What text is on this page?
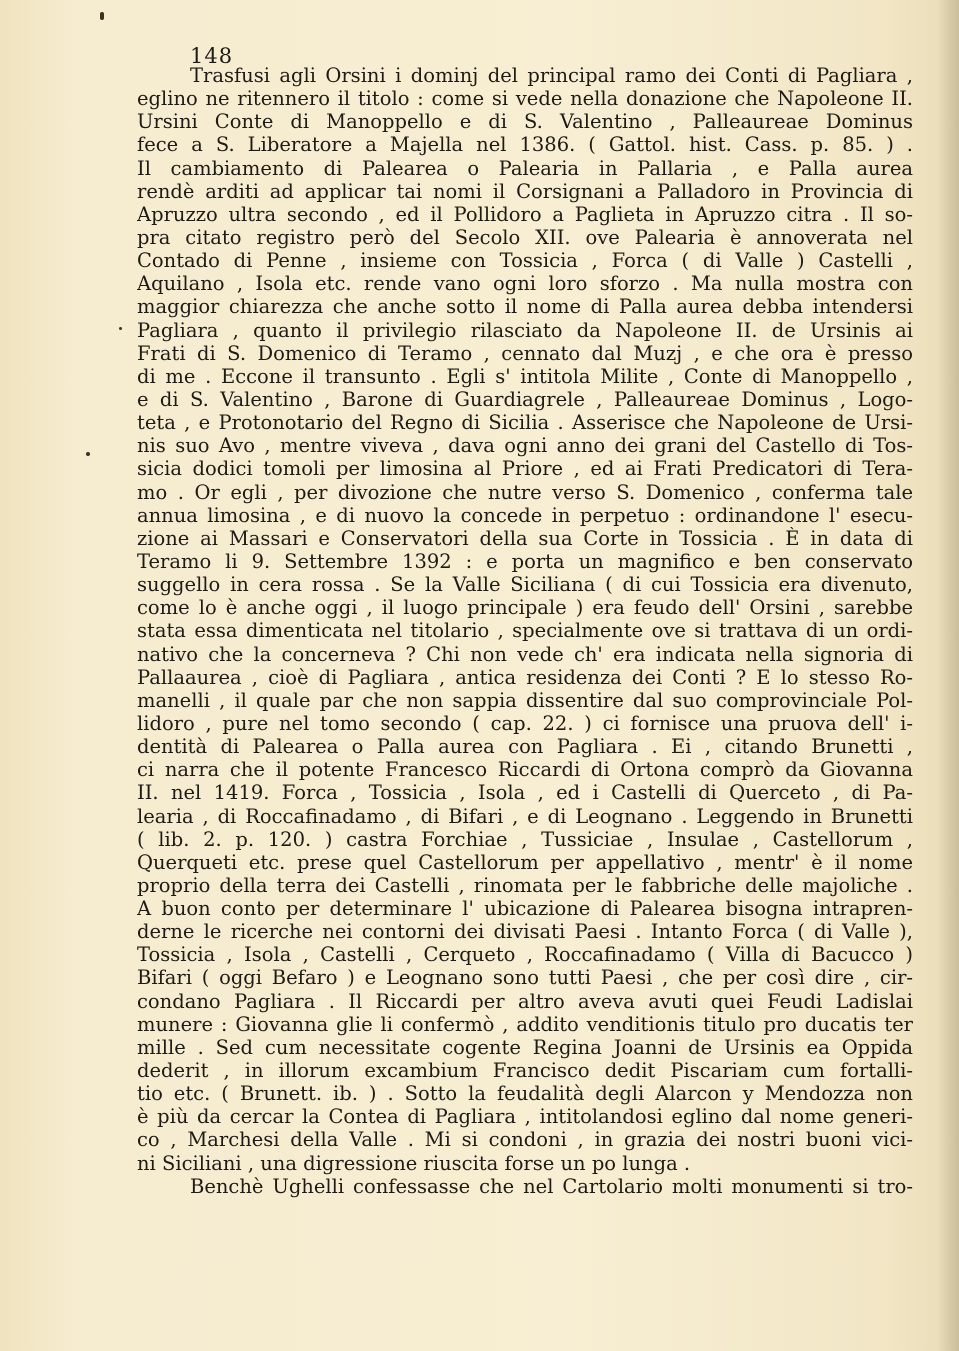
148
Trasfusi agli Orsini i dominj del principal ramo dei Conti di Pagliara ,
eglino ne ritennero il titolo : come si vede nella donazione che Napoleone II.
Ursini Conte di Manoppello e di S. Valentino , Palleaureae Dominus
fece a S. Liberatore a Majella nel 1386. ( Gattol. hist. Cass. p. 85. ) .
Il cambiamento di Palearea o Palearia in Pallaria , e Palla aurea
rendè arditi ad applicar tai nomi il Corsignani a Palladoro in Provincia di
Apruzzo ultra secondo , ed il Pollidoro a Paglieta in Apruzzo citra . Il so-
pra citato registro però del Secolo XII. ove Palearia è annoverata nel
Contado di Penne , insieme con Tossicia , Forca ( di Valle ) Castelli ,
Aquilano , Isola etc. rende vano ogni loro sforzo . Ma nulla mostra con
maggior chiarezza che anche sotto il nome di Palla aurea debba intendersi
Pagliara , quanto il privilegio rilasciato da Napoleone II. de Ursinis ai
Frati di S. Domenico di Teramo , cennato dal Muzj , e che ora è presso
di me . Eccone il transunto . Egli s' intitola Milite , Conte di Manoppello ,
e di S. Valentino , Barone di Guardiagrele , Palleaureae Dominus , Logo-
teta , e Protonotario del Regno di Sicilia . Asserisce che Napoleone de Ursi-
nis suo Avo , mentre viveva , dava ogni anno dei grani del Castello di Tos-
sicia dodici tomoli per limosina al Priore , ed ai Frati Predicatori di Tera-
mo . Or egli , per divozione che nutre verso S. Domenico , conferma tale
annua limosina , e di nuovo la concede in perpetuo : ordinandone l' esecu-
zione ai Massari e Conservatori della sua Corte in Tossicia . È in data di
Teramo li 9. Settembre 1392 : e porta un magnifico e ben conservato
suggello in cera rossa . Se la Valle Siciliana ( di cui Tossicia era divenuto,
come lo è anche oggi , il luogo principale ) era feudo dell' Orsini , sarebbe
stata essa dimenticata nel titolario , specialmente ove si trattava di un ordi-
nativo che la concerneva ? Chi non vede ch' era indicata nella signoria di
Pallaaurea , cioè di Pagliara , antica residenza dei Conti ? E lo stesso Ro-
manelli , il quale par che non sappia dissentire dal suo comprovinciale Pol-
lidoro , pure nel tomo secondo ( cap. 22. ) ci fornisce una pruova dell' i-
dentità di Palearea o Palla aurea con Pagliara . Ei , citando Brunetti ,
ci narra che il potente Francesco Riccardi di Ortona comprò da Giovanna
II. nel 1419. Forca , Tossicia , Isola , ed i Castelli di Querceto , di Pa-
learia , di Roccafinadamo , di Bifari , e di Leognano . Leggendo in Brunetti
( lib. 2. p. 120. ) castra Forchiae , Tussiciae , Insulae , Castellorum ,
Querqueti etc. prese quel Castellorum per appellativo , mentr' è il nome
proprio della terra dei Castelli , rinomata per le fabbriche delle majoliche .
A buon conto per determinare l' ubicazione di Palearea bisogna intrapren-
derne le ricerche nei contorni dei divisati Paesi . Intanto Forca ( di Valle ),
Tossicia , Isola , Castelli , Cerqueto , Roccafinadamo ( Villa di Bacucco )
Bifari ( oggi Befaro ) e Leognano sono tutti Paesi , che per così dire , cir-
condano Pagliara . Il Riccardi per altro aveva avuti quei Feudi Ladislai
munere : Giovanna glie li confermò , addito venditionis titulo pro ducatis ter
mille . Sed cum necessitate cogente Regina Joanni de Ursinis ea Oppida
dederit , in illorum excambium Francisco dedit Piscariam cum fortalli-
tio etc. ( Brunett. ib. ) . Sotto la feudalità degli Alarcon y Mendozza non
è più da cercar la Contea di Pagliara , intitolandosi eglino dal nome generi-
co , Marchesi della Valle . Mi si condoni , in grazia dei nostri buoni vici-
ni Siciliani , una digressione riuscita forse un po lunga .
Benchè Ughelli confessasse che nel Cartolario molti monumenti si tro-
